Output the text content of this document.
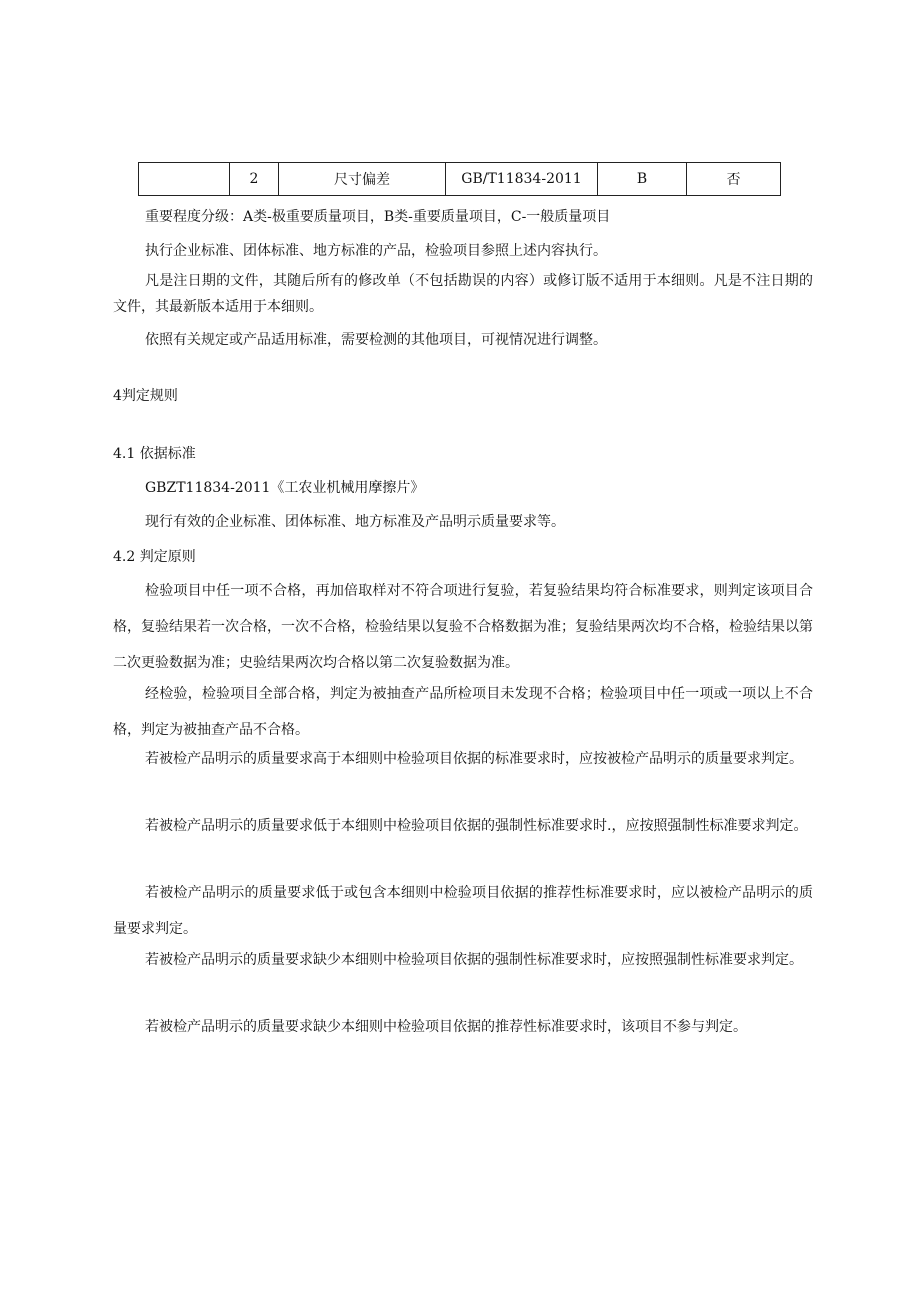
	2	尺寸偏差	GB/T11834-2011	B	否

重要程度分级：A类-极重要质量项目，B类-重要质量项目，C-一般质量项目

执行企业标准、团体标准、地方标准的产品，检验项目参照上述内容执行。

凡是注日期的文件，其随后所有的修改单（不包括勘误的内容）或修订版不适用于本细则。凡是不注日期的文件，其最新版本适用于本细则。

依照有关规定或产品适用标准，需要检测的其他项目，可视情况进行调整。

4判定规则

4.1 依据标准

GBZT11834-2011《工农业机械用摩擦片》

现行有效的企业标准、团体标准、地方标准及产品明示质量要求等。

4.2 判定原则

检验项目中任一项不合格，再加倍取样对不符合项进行复验，若复验结果均符合标准要求，则判定该项目合格，复验结果若一次合格，一次不合格，检验结果以复验不合格数据为准；复验结果两次均不合格，检验结果以第二次更验数据为准；史验结果两次均合格以第二次复验数据为准。

经检验，检验项目全部合格，判定为被抽查产品所检项目未发现不合格；检验项目中任一项或一项以上不合格，判定为被抽查产品不合格。

若被检产品明示的质量要求高于本细则中检验项目依据的标准要求时，应按被检产品明示的质量要求判定。

若被检产品明示的质量要求低于本细则中检验项目依据的强制性标准要求时.，应按照强制性标准要求判定。

若被检产品明示的质量要求低于或包含本细则中检验项目依据的推荐性标准要求时，应以被检产品明示的质量要求判定。

若被检产品明示的质量要求缺少本细则中检验项目依据的强制性标准要求时，应按照强制性标准要求判定。

若被检产品明示的质量要求缺少本细则中检验项目依据的推荐性标准要求时，该项目不参与判定。
